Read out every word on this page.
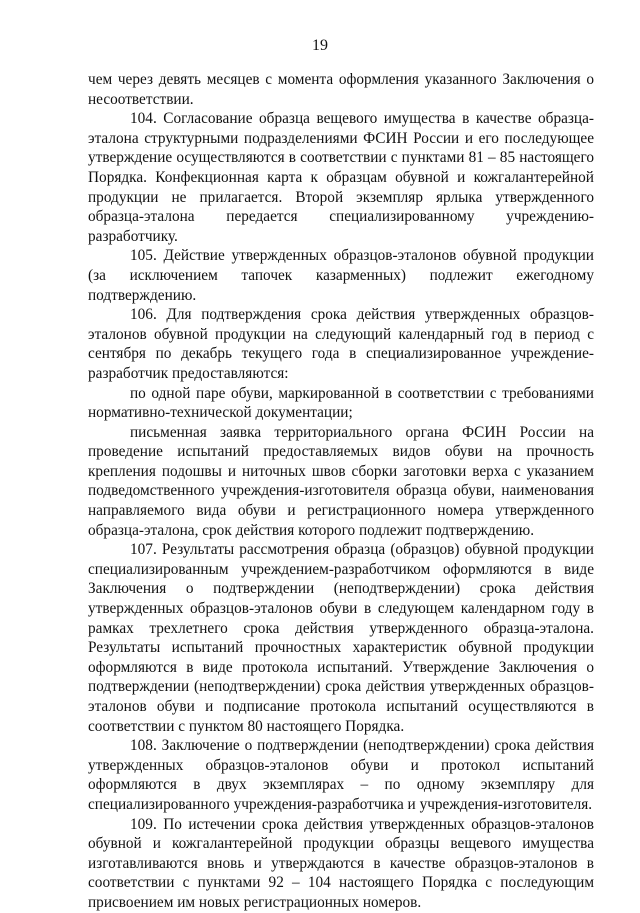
19

чем через девять месяцев с момента оформления указанного Заключения о несоответствии.

104. Согласование образца вещевого имущества в качестве образца-эталона структурными подразделениями ФСИН России и его последующее утверждение осуществляются в соответствии с пунктами 81 – 85 настоящего Порядка. Конфекционная карта к образцам обувной и кожгалантерейной продукции не прилагается. Второй экземпляр ярлыка утвержденного образца-эталона передается специализированному учреждению-разработчику.

105. Действие утвержденных образцов-эталонов обувной продукции (за исключением тапочек казарменных) подлежит ежегодному подтверждению.

106. Для подтверждения срока действия утвержденных образцов-эталонов обувной продукции на следующий календарный год в период с сентября по декабрь текущего года в специализированное учреждение-разработчик предоставляются:

по одной паре обуви, маркированной в соответствии с требованиями нормативно-технической документации;

письменная заявка территориального органа ФСИН России на проведение испытаний предоставляемых видов обуви на прочность крепления подошвы и ниточных швов сборки заготовки верха с указанием подведомственного учреждения-изготовителя образца обуви, наименования направляемого вида обуви и регистрационного номера утвержденного образца-эталона, срок действия которого подлежит подтверждению.

107. Результаты рассмотрения образца (образцов) обувной продукции специализированным учреждением-разработчиком оформляются в виде Заключения о подтверждении (неподтверждении) срока действия утвержденных образцов-эталонов обуви в следующем календарном году в рамках трехлетнего срока действия утвержденного образца-эталона. Результаты испытаний прочностных характеристик обувной продукции оформляются в виде протокола испытаний. Утверждение Заключения о подтверждении (неподтверждении) срока действия утвержденных образцов-эталонов обуви и подписание протокола испытаний осуществляются в соответствии с пунктом 80 настоящего Порядка.

108. Заключение о подтверждении (неподтверждении) срока действия утвержденных образцов-эталонов обуви и протокол испытаний оформляются в двух экземплярах – по одному экземпляру для специализированного учреждения-разработчика и учреждения-изготовителя.

109. По истечении срока действия утвержденных образцов-эталонов обувной и кожгалантерейной продукции образцы вещевого имущества изготавливаются вновь и утверждаются в качестве образцов-эталонов в соответствии с пунктами 92 – 104 настоящего Порядка с последующим присвоением им новых регистрационных номеров.
